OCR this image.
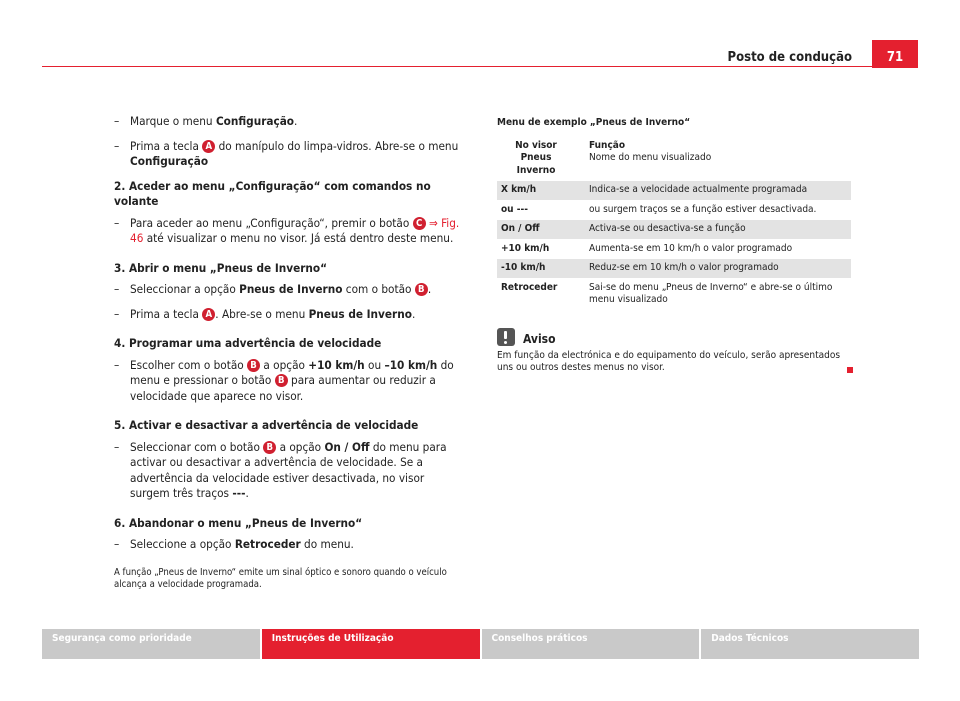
Posto de condução	71
– Marque o menu Configuração.
– Prima a tecla A do manípulo do limpa-vidros. Abre-se o menu Configuração
2. Aceder ao menu „Configuração“ com comandos no volante
– Para aceder ao menu „Configuração“, premir o botão C ⇒ Fig. 46 até visualizar o menu no visor. Já está dentro deste menu.
3. Abrir o menu „Pneus de Inverno“
– Seleccionar a opção Pneus de Inverno com o botão B .
– Prima a tecla A . Abre-se o menu Pneus de Inverno.
4. Programar uma advertência de velocidade
– Escolher com o botão B a opção +10 km/h ou –10 km/h do menu e pressionar o botão B para aumentar ou reduzir a velocidade que aparece no visor.
5. Activar e desactivar a advertência de velocidade
– Seleccionar com o botão B a opção On / Off do menu para activar ou desactivar a advertência de velocidade. Se a advertência da velocidade estiver desactivada, no visor surgem três traços ---.
6. Abandonar o menu „Pneus de Inverno“
– Seleccione a opção Retroceder do menu.
A função „Pneus de Inverno“ emite um sinal óptico e sonoro quando o veículo alcança a velocidade programada.
Menu de exemplo „Pneus de Inverno“
No visor
Pneus Inverno	Função
Nome do menu visualizado
X km/h	Indica-se a velocidade actualmente programada
ou ---	ou surgem traços se a função estiver desactivada.
On / Off	Activa-se ou desactiva-se a função
+10 km/h	Aumenta-se em 10 km/h o valor programado
-10 km/h	Reduz-se em 10 km/h o valor programado
Retroceder	Sai-se do menu „Pneus de Inverno“ e abre-se o último menu visualizado
Aviso
Em função da electrónica e do equipamento do veículo, serão apresentados uns ou outros destes menus no visor.
Segurança como prioridade	Instruções de Utilização	Conselhos práticos	Dados Técnicos
